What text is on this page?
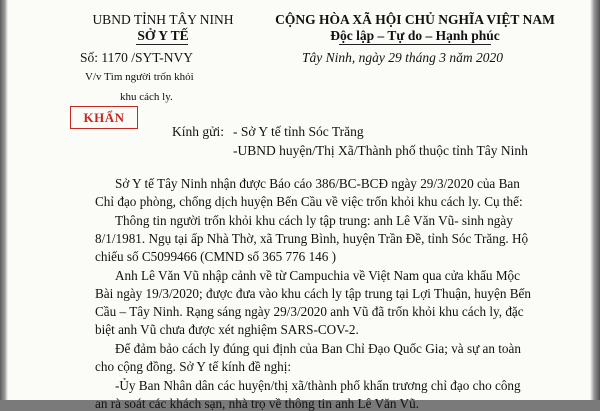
UBND TỈNH TÂY NINH
SỞ Y TẾ
Số: 1170 /SYT-NVY
V/v Tìm người trốn khỏi
khu cách ly.
CỘNG HÒA XÃ HỘI CHỦ NGHĨA VIỆT NAM
Độc lập – Tự do – Hạnh phúc
Tây Ninh, ngày 29 tháng 3 năm 2020
KHẨN
Kính gửi: - Sở Y tế tỉnh Sóc Trăng
-UBND huyện/Thị Xã/Thành phố thuộc tỉnh Tây Ninh
Sở Y tế Tây Ninh nhận được Báo cáo 386/BC-BCĐ ngày 29/3/2020 của Ban
Chỉ đạo phòng, chống dịch huyện Bến Cầu về việc trốn khỏi khu cách ly. Cụ thể:
Thông tin người trốn khỏi khu cách ly tập trung: anh Lê Văn Vũ- sinh ngày
8/1/1981. Ngụ tại ấp Nhà Thờ, xã Trung Bình, huyện Trần Đề, tỉnh Sóc Trăng. Hộ
chiếu số C5099466 (CMND số 365 776 146 )
Anh Lê Văn Vũ nhập cảnh về từ Campuchia về Việt Nam qua cửa khẩu Mộc
Bài ngày 19/3/2020; được đưa vào khu cách ly tập trung tại Lợi Thuận, huyện Bến
Cầu – Tây Ninh. Rạng sáng ngày 29/3/2020 anh Vũ đã trốn khỏi khu cách ly, đặc
biệt anh Vũ chưa được xét nghiệm SARS-COV-2.
Để đảm bảo cách ly đúng qui định của Ban Chỉ Đạo Quốc Gia; và sự an toàn
cho cộng đồng. Sở Y tế kính đề nghị:
-Ủy Ban Nhân dân các huyện/thị xã/thành phố khẩn trương chỉ đạo cho công
an rà soát các khách sạn, nhà trọ về thông tin anh Lê Văn Vũ.
